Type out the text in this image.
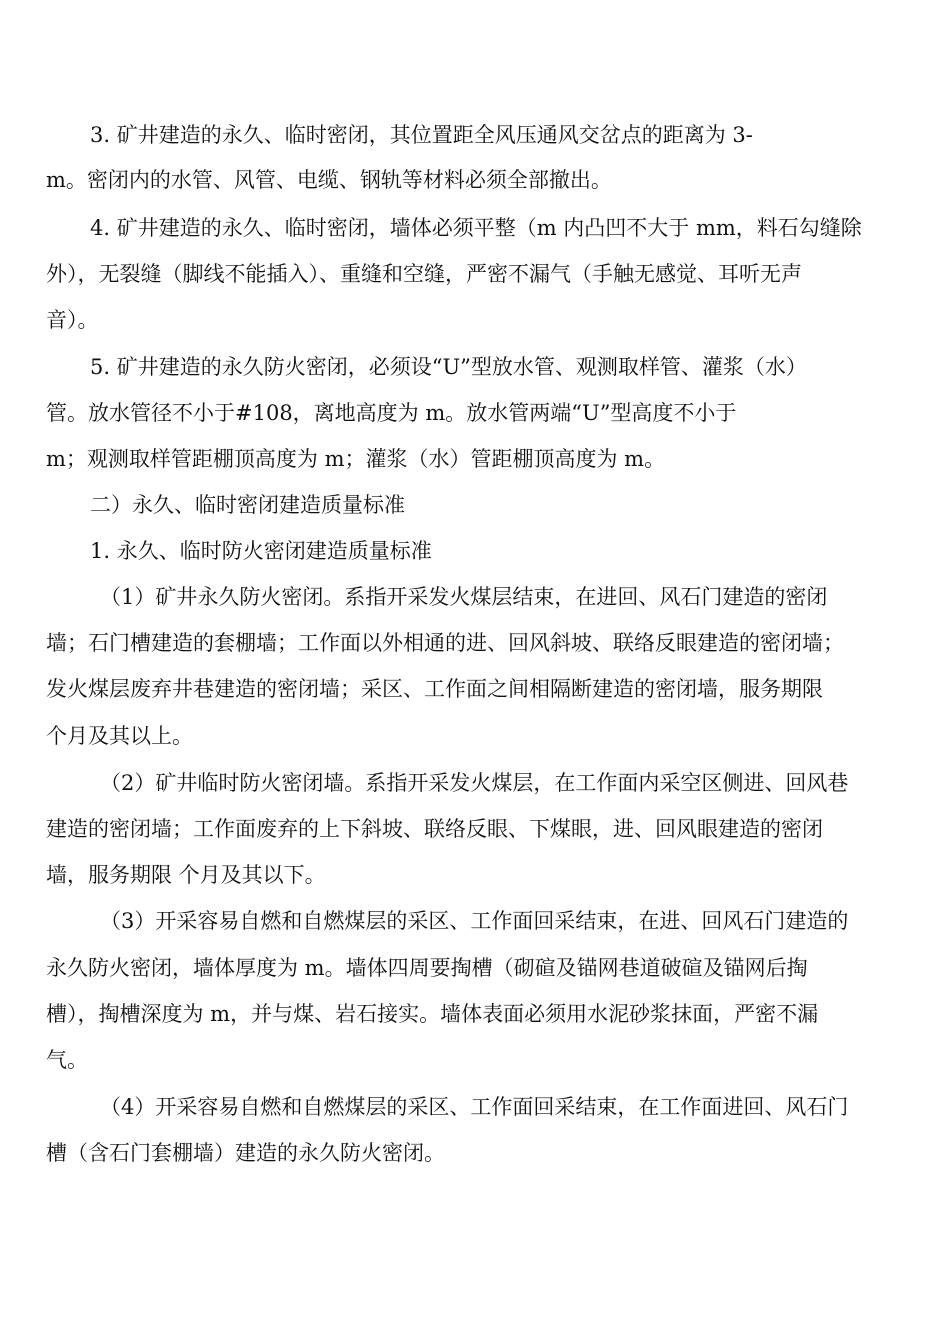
3. 矿井建造的永久、临时密闭，其位置距全风压通风交岔点的距离为 3-
m。密闭内的水管、风管、电缆、钢轨等材料必须全部撤出。
4. 矿井建造的永久、临时密闭，墙体必须平整（m 内凸凹不大于 mm，料石勾缝除
外），无裂缝（脚线不能插入）、重缝和空缝，严密不漏气（手触无感觉、耳听无声
音）。
5. 矿井建造的永久防火密闭，必须设“U”型放水管、观测取样管、灌浆（水）
管。放水管径不小于#108，离地高度为 m。放水管两端“U”型高度不小于
m；观测取样管距棚顶高度为 m；灌浆（水）管距棚顶高度为 m。
二）永久、临时密闭建造质量标准
1. 永久、临时防火密闭建造质量标准
（1）矿井永久防火密闭。系指开采发火煤层结束，在进回、风石门建造的密闭
墙；石门槽建造的套棚墙；工作面以外相通的进、回风斜坡、联络反眼建造的密闭墙；
发火煤层废弃井巷建造的密闭墙；采区、工作面之间相隔断建造的密闭墙，服务期限
个月及其以上。
（2）矿井临时防火密闭墙。系指开采发火煤层，在工作面内采空区侧进、回风巷
建造的密闭墙；工作面废弃的上下斜坡、联络反眼、下煤眼，进、回风眼建造的密闭
墙，服务期限 个月及其以下。
（3）开采容易自燃和自燃煤层的采区、工作面回采结束，在进、回风石门建造的
永久防火密闭，墙体厚度为 m。墙体四周要掏槽（砌碹及锚网巷道破碹及锚网后掏
槽），掏槽深度为 m，并与煤、岩石接实。墙体表面必须用水泥砂浆抹面，严密不漏
气。
（4）开采容易自燃和自燃煤层的采区、工作面回采结束，在工作面进回、风石门
槽（含石门套棚墙）建造的永久防火密闭。
